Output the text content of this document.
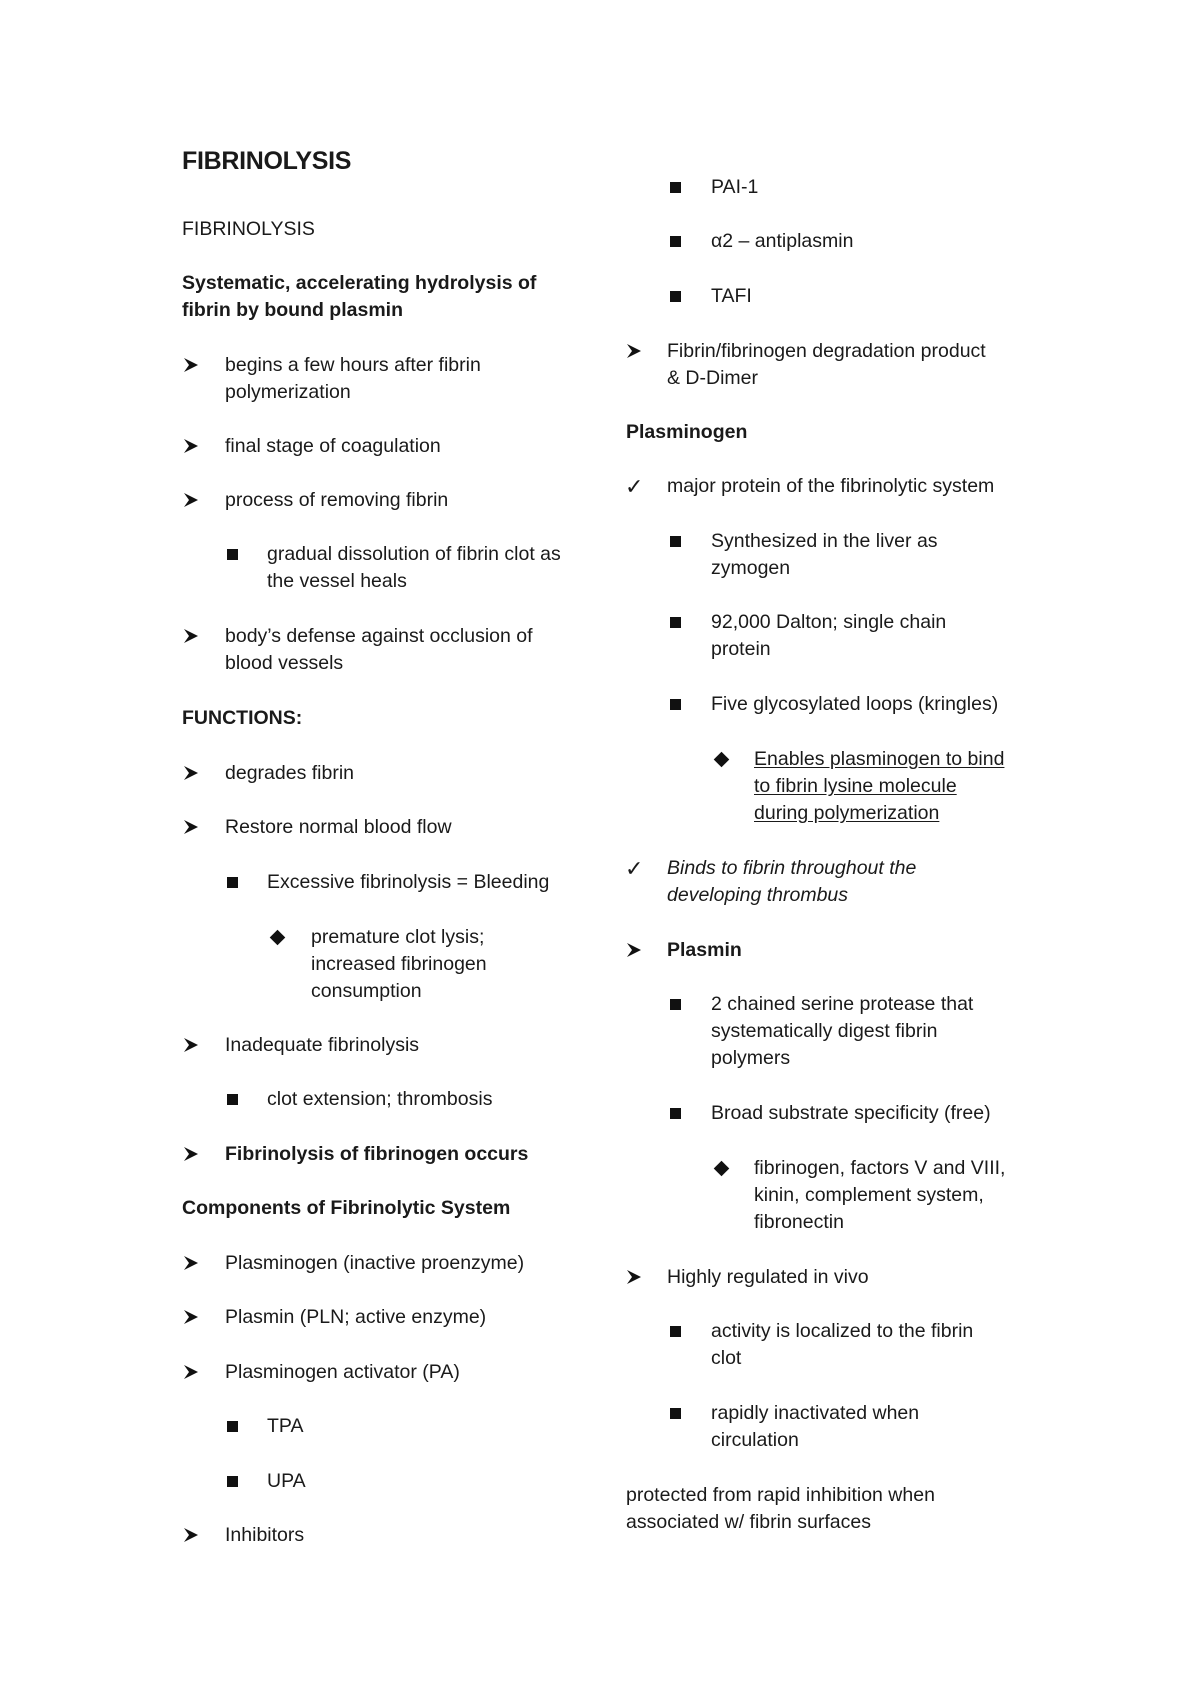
FIBRINOLYSIS
FIBRINOLYSIS
Systematic, accelerating hydrolysis of
fibrin by bound plasmin
begins a few hours after fibrin
polymerization
final stage of coagulation
process of removing fibrin
gradual dissolution of fibrin clot as
the vessel heals
body’s defense against occlusion of
blood vessels
FUNCTIONS:
degrades fibrin
Restore normal blood flow
Excessive fibrinolysis = Bleeding
premature clot lysis;
increased fibrinogen
consumption
Inadequate fibrinolysis
clot extension; thrombosis
Fibrinolysis of fibrinogen occurs
Components of Fibrinolytic System
Plasminogen (inactive proenzyme)
Plasmin (PLN; active enzyme)
Plasminogen activator (PA)
TPA
UPA
Inhibitors
PAI-1
α2 – antiplasmin
TAFI
Fibrin/fibrinogen degradation product
& D-Dimer
Plasminogen
✓ major protein of the fibrinolytic system
Synthesized in the liver as
zymogen
92,000 Dalton; single chain
protein
Five glycosylated loops (kringles)
Enables plasminogen to bind
to fibrin lysine molecule
during polymerization
✓ Binds to fibrin throughout the
developing thrombus
Plasmin
2 chained serine protease that
systematically digest fibrin
polymers
Broad substrate specificity (free)
fibrinogen, factors V and VIII,
kinin, complement system,
fibronectin
Highly regulated in vivo
activity is localized to the fibrin
clot
rapidly inactivated when
circulation
protected from rapid inhibition when
associated w/ fibrin surfaces
